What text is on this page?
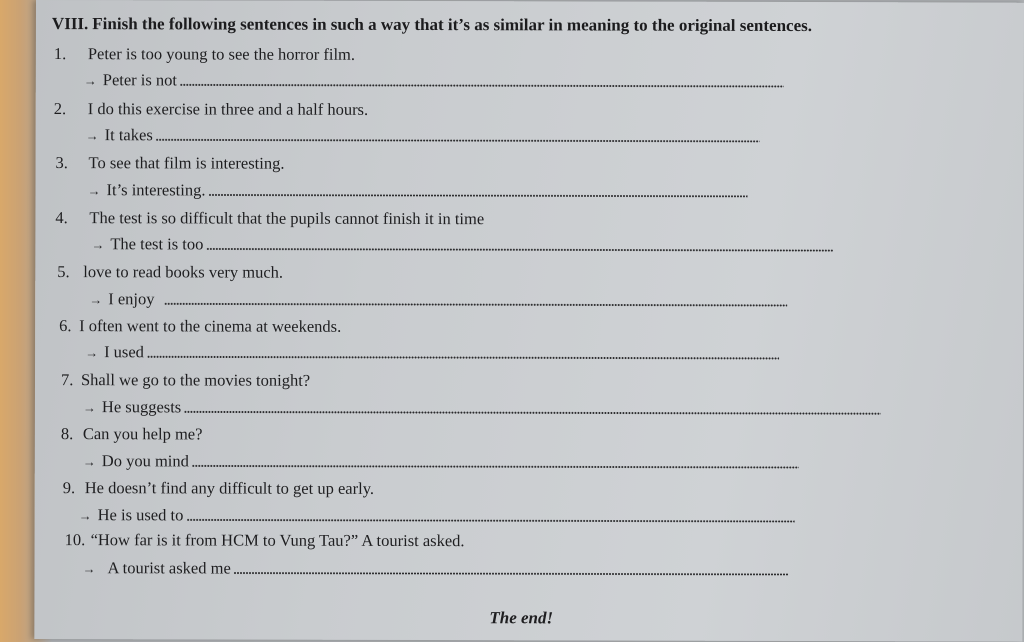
VIII. Finish the following sentences in such a way that it’s as similar in meaning to the original sentences.
1. Peter is too young to see the horror film.
→ Peter is not
2. I do this exercise in three and a half hours.
→ It takes
3. To see that film is interesting.
→ It’s interesting.
4. The test is so difficult that the pupils cannot finish it in time
→ The test is too
5. love to read books very much.
→ I enjoy
6. I often went to the cinema at weekends.
→ I used
7. Shall we go to the movies tonight?
→ He suggests
8. Can you help me?
→ Do you mind
9. He doesn’t find any difficult to get up early.
→ He is used to
10. “How far is it from HCM to Vung Tau?” A tourist asked.
→ A tourist asked me
The end!
